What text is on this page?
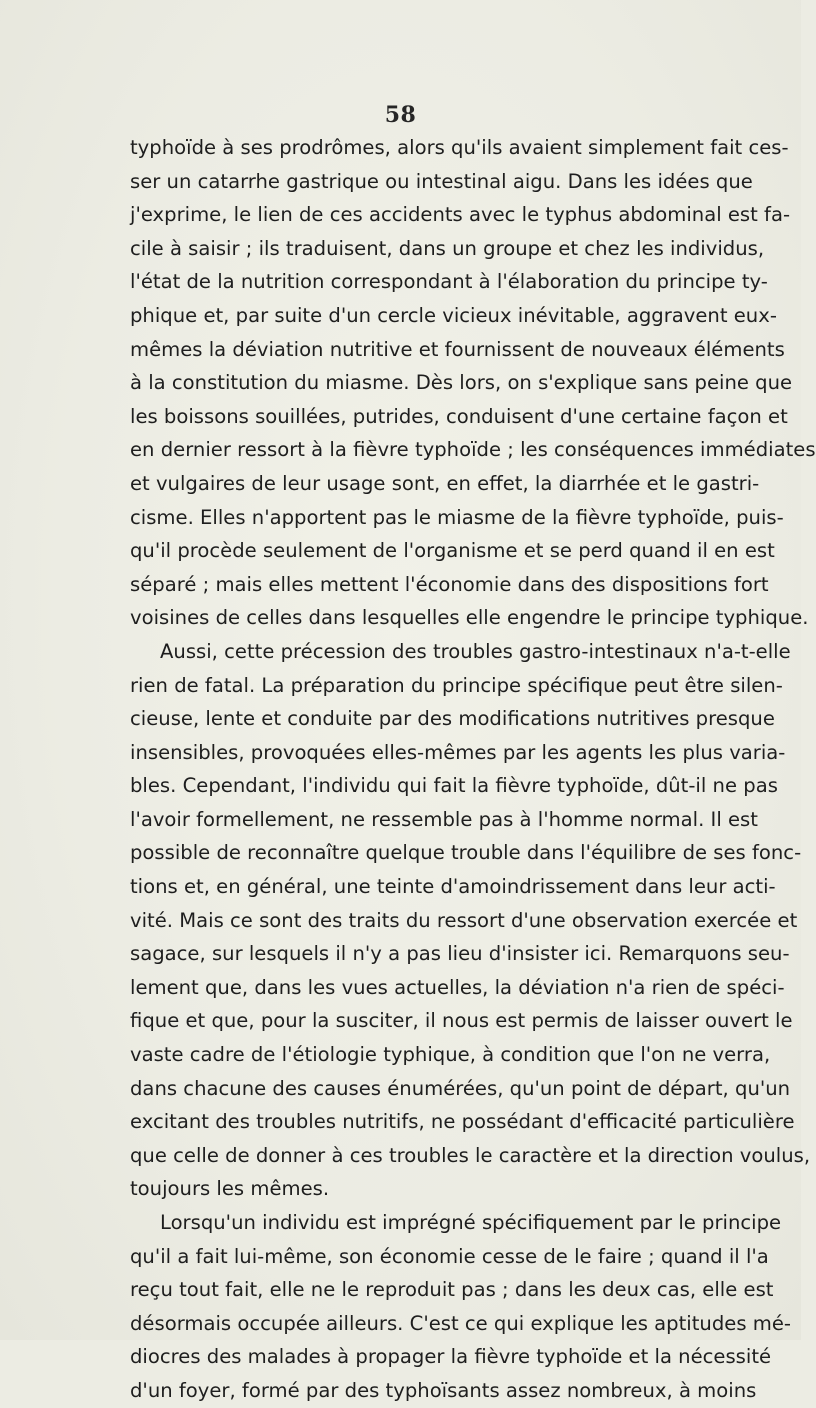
58
typhoïde à ses prodrômes, alors qu'ils avaient simplement fait ces-
ser un catarrhe gastrique ou intestinal aigu. Dans les idées que
j'exprime, le lien de ces accidents avec le typhus abdominal est fa-
cile à saisir ; ils traduisent, dans un groupe et chez les individus,
l'état de la nutrition correspondant à l'élaboration du principe ty-
phique et, par suite d'un cercle vicieux inévitable, aggravent eux-
mêmes la déviation nutritive et fournissent de nouveaux éléments
à la constitution du miasme. Dès lors, on s'explique sans peine que
les boissons souillées, putrides, conduisent d'une certaine façon et
en dernier ressort à la fièvre typhoïde ; les conséquences immédiates
et vulgaires de leur usage sont, en effet, la diarrhée et le gastri-
cisme. Elles n'apportent pas le miasme de la fièvre typhoïde, puis-
qu'il procède seulement de l'organisme et se perd quand il en est
séparé ; mais elles mettent l'économie dans des dispositions fort
voisines de celles dans lesquelles elle engendre le principe typhique.
Aussi, cette précession des troubles gastro-intestinaux n'a-t-elle
rien de fatal. La préparation du principe spécifique peut être silen-
cieuse, lente et conduite par des modifications nutritives presque
insensibles, provoquées elles-mêmes par les agents les plus varia-
bles. Cependant, l'individu qui fait la fièvre typhoïde, dût-il ne pas
l'avoir formellement, ne ressemble pas à l'homme normal. Il est
possible de reconnaître quelque trouble dans l'équilibre de ses fonc-
tions et, en général, une teinte d'amoindrissement dans leur acti-
vité. Mais ce sont des traits du ressort d'une observation exercée et
sagace, sur lesquels il n'y a pas lieu d'insister ici. Remarquons seu-
lement que, dans les vues actuelles, la déviation n'a rien de spéci-
fique et que, pour la susciter, il nous est permis de laisser ouvert le
vaste cadre de l'étiologie typhique, à condition que l'on ne verra,
dans chacune des causes énumérées, qu'un point de départ, qu'un
excitant des troubles nutritifs, ne possédant d'efficacité particulière
que celle de donner à ces troubles le caractère et la direction voulus,
toujours les mêmes.
Lorsqu'un individu est imprégné spécifiquement par le principe
qu'il a fait lui-même, son économie cesse de le faire ; quand il l'a
reçu tout fait, elle ne le reproduit pas ; dans les deux cas, elle est
désormais occupée ailleurs. C'est ce qui explique les aptitudes mé-
diocres des malades à propager la fièvre typhoïde et la nécessité
d'un foyer, formé par des typhoïsants assez nombreux, à moins
